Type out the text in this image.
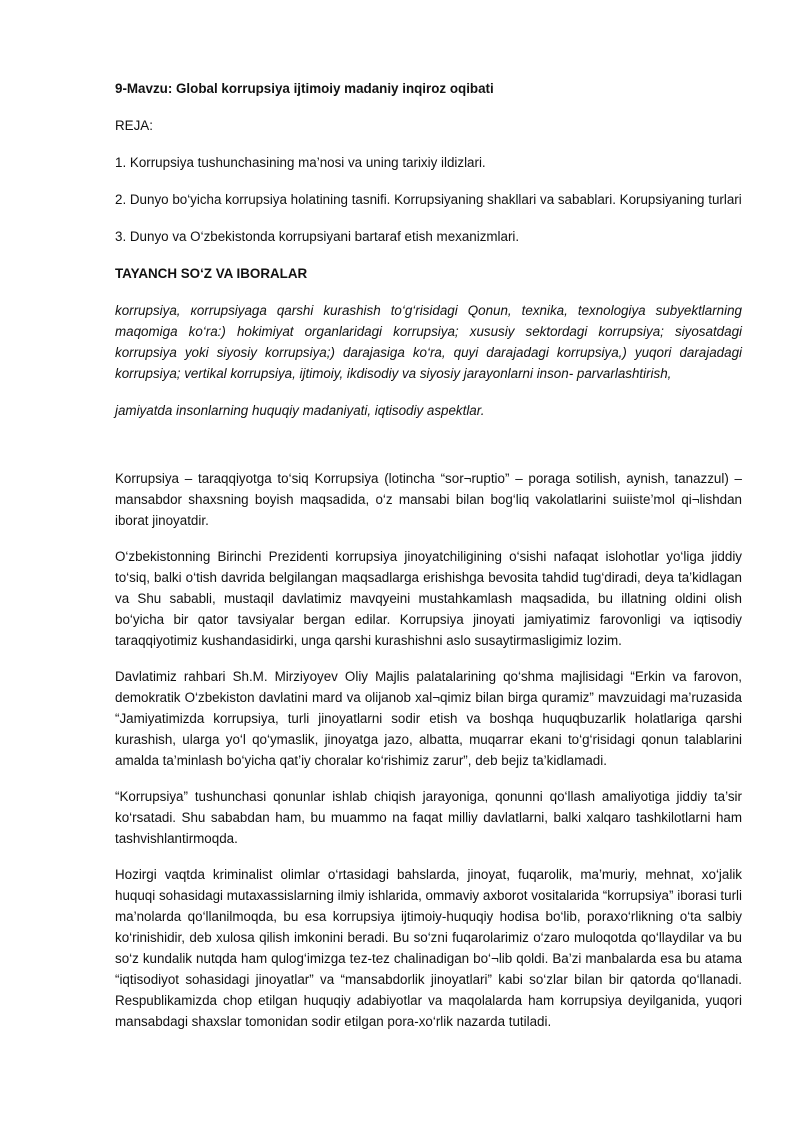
9-Mavzu: Global korrupsiya ijtimoiy madaniy inqiroz oqibati

REJA:

1. Korrupsiya tushunchasining ma’nosi va uning tarixiy ildizlari.

2. Dunyo bo‘yicha korrupsiya holatining tasnifi. Korrupsiyaning shakllari va sabablari. Korupsiyaning turlari

3. Dunyo va O‘zbekistonda korrupsiyani bartaraf etish mexanizmlari.

TAYANCH SO‘Z VA IBORALAR

korrupsiya, кorrupsiyaga qarshi kurashish to‘g‘risidagi Qonun, texnika, texnologiya subyektlarning maqomiga ko‘ra:) hokimiyat organlaridagi korrupsiya; xususiy sektordagi korrupsiya; siyosatdagi korrupsiya yoki siyosiy korrupsiya;) darajasiga ko‘ra, quyi darajadagi korrupsiya,) yuqori darajadagi korrupsiya; vertikal korrupsiya, ijtimoiy, ikdisodiy va siyosiy jarayonlarni inson- parvarlashtirish,

jamiyatda insonlarning huquqiy madaniyati, iqtisodiy aspektlar.

Korrupsiya – taraqqiyotga to‘siq Korrupsiya (lotincha “sor¬ruptio” – poraga sotilish, aynish, tanazzul) – mansabdor shaxsning boyish maqsadida, o‘z mansabi bilan bog‘liq vakolatlarini suiiste’mol qi¬lishdan iborat jinoyatdir.

O‘zbekistonning Birinchi Prezidenti korrupsiya jinoyatchiligining o‘sishi nafaqat islohotlar yo‘liga jiddiy to‘siq, balki o‘tish davrida belgilangan maqsadlarga erishishga bevosita tahdid tug‘diradi, deya ta’kidlagan va Shu sababli, mustaqil davlatimiz mavqyeini mustahkamlash maqsadida, bu illatning oldini olish bo‘yicha bir qator tavsiyalar bergan edilar. Korrupsiya jinoyati jamiyatimiz farovonligi va iqtisodiy taraqqiyotimiz kushandasidirki, unga qarshi kurashishni aslo susaytirmasligimiz lozim.

Davlatimiz rahbari Sh.M. Mirziyoyev Oliy Majlis palatalarining qo‘shma majlisidagi “Erkin va farovon, demokratik O‘zbekiston davlatini mard va olijanob xal¬qimiz bilan birga quramiz” mavzuidagi ma’ruzasida “Jamiyatimizda korrupsiya, turli jinoyatlarni sodir etish va boshqa huquqbuzarlik holatlariga qarshi kurashish, ularga yo‘l qo‘ymaslik, jinoyatga jazo, albatta, muqarrar ekani to‘g‘risidagi qonun talablarini amalda ta’minlash bo‘yicha qat’iy choralar ko‘rishimiz zarur”, deb bejiz ta’kidlamadi.

“Korrupsiya” tushunchasi qonunlar ishlab chiqish jarayoniga, qonunni qo‘llash amaliyotiga jiddiy ta’sir ko‘rsatadi. Shu sababdan ham, bu muammo na faqat milliy davlatlarni, balki xalqaro tashkilotlarni ham tashvishlantirmoqda.

Hozirgi vaqtda kriminalist olimlar o‘rtasidagi bahslarda, jinoyat, fuqarolik, ma’muriy, mehnat, xo‘jalik huquqi sohasidagi mutaxassislarning ilmiy ishlarida, ommaviy axborot vositalarida “korrupsiya” iborasi turli ma’nolarda qo‘llanilmoqda, bu esa korrupsiya ijtimoiy-huquqiy hodisa bo‘lib, poraxo‘rlikning o‘ta salbiy ko‘rinishidir, deb xulosa qilish imkonini beradi. Bu so‘zni fuqarolarimiz o‘zaro muloqotda qo‘llaydilar va bu so‘z kundalik nutqda ham qulog‘imizga tez-tez chalinadigan bo‘¬lib qoldi. Ba’zi manbalarda esa bu atama “iqtisodiyot sohasidagi jinoyatlar” va “mansabdorlik jinoyatlari” kabi so‘zlar bilan bir qatorda qo‘llanadi. Respublikamizda chop etilgan huquqiy adabiyotlar va maqolalarda ham korrupsiya deyilganida, yuqori mansabdagi shaxslar tomonidan sodir etilgan pora-xo‘rlik nazarda tutiladi.
